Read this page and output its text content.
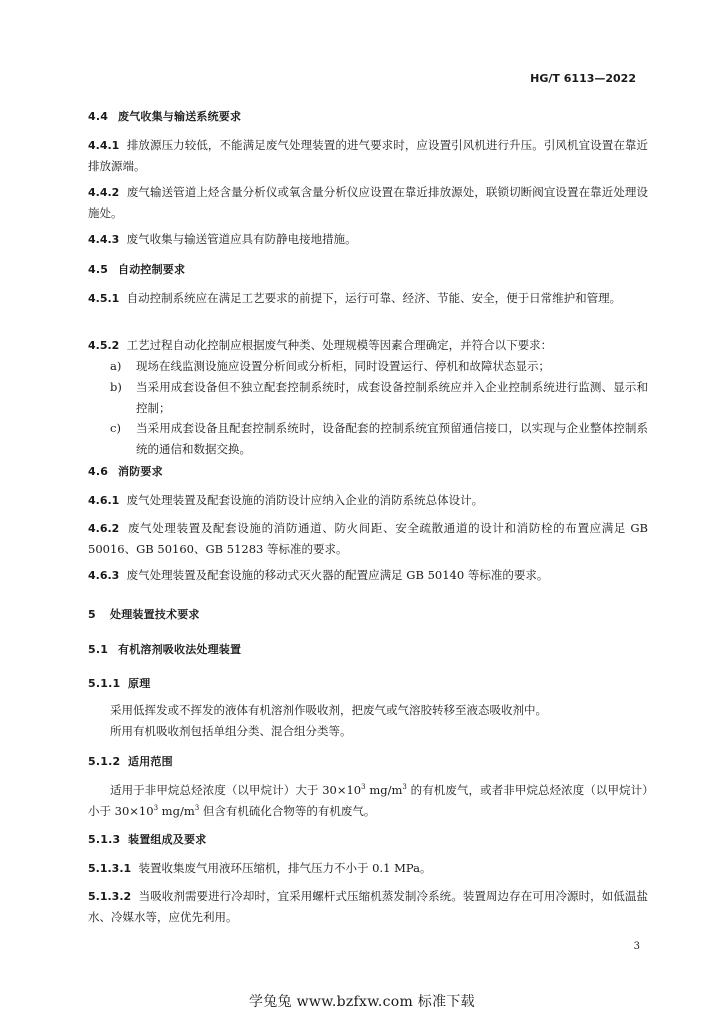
HG/T 6113—2022
4.4 废气收集与输送系统要求
4.4.1 排放源压力较低，不能满足废气处理装置的进气要求时，应设置引风机进行升压。引风机宜设置在靠近排放源端。
4.4.2 废气输送管道上烃含量分析仪或氧含量分析仪应设置在靠近排放源处，联锁切断阀宜设置在靠近处理设施处。
4.4.3 废气收集与输送管道应具有防静电接地措施。
4.5 自动控制要求
4.5.1 自动控制系统应在满足工艺要求的前提下，运行可靠、经济、节能、安全，便于日常维护和管理。
4.5.2 工艺过程自动化控制应根据废气种类、处理规模等因素合理确定，并符合以下要求：
a) 现场在线监测设施应设置分析间或分析柜，同时设置运行、停机和故障状态显示；
b) 当采用成套设备但不独立配套控制系统时，成套设备控制系统应并入企业控制系统进行监测、显示和控制；
c) 当采用成套设备且配套控制系统时，设备配套的控制系统宜预留通信接口，以实现与企业整体控制系统的通信和数据交换。
4.6 消防要求
4.6.1 废气处理装置及配套设施的消防设计应纳入企业的消防系统总体设计。
4.6.2 废气处理装置及配套设施的消防通道、防火间距、安全疏散通道的设计和消防栓的布置应满足 GB 50016、GB 50160、GB 51283 等标准的要求。
4.6.3 废气处理装置及配套设施的移动式灭火器的配置应满足 GB 50140 等标准的要求。
5 处理装置技术要求
5.1 有机溶剂吸收法处理装置
5.1.1 原理
采用低挥发或不挥发的液体有机溶剂作吸收剂，把废气或气溶胶转移至液态吸收剂中。
所用有机吸收剂包括单组分类、混合组分类等。
5.1.2 适用范围
适用于非甲烷总烃浓度（以甲烷计）大于 $30\times 10^3$ $mg/m^3$ 的有机废气，或者非甲烷总烃浓度（以甲烷计）小于 $30\times 10^3$ $mg/m^3$ 但含有机硫化合物等的有机废气。
5.1.3 装置组成及要求
5.1.3.1 装置收集废气用液环压缩机，排气压力不小于 0.1 MPa。
5.1.3.2 当吸收剂需要进行冷却时，宜采用螺杆式压缩机蒸发制冷系统。装置周边存在可用冷源时，如低温盐水、冷媒水等，应优先利用。
3
学兔兔 www.bzfxw.com 标准下载
